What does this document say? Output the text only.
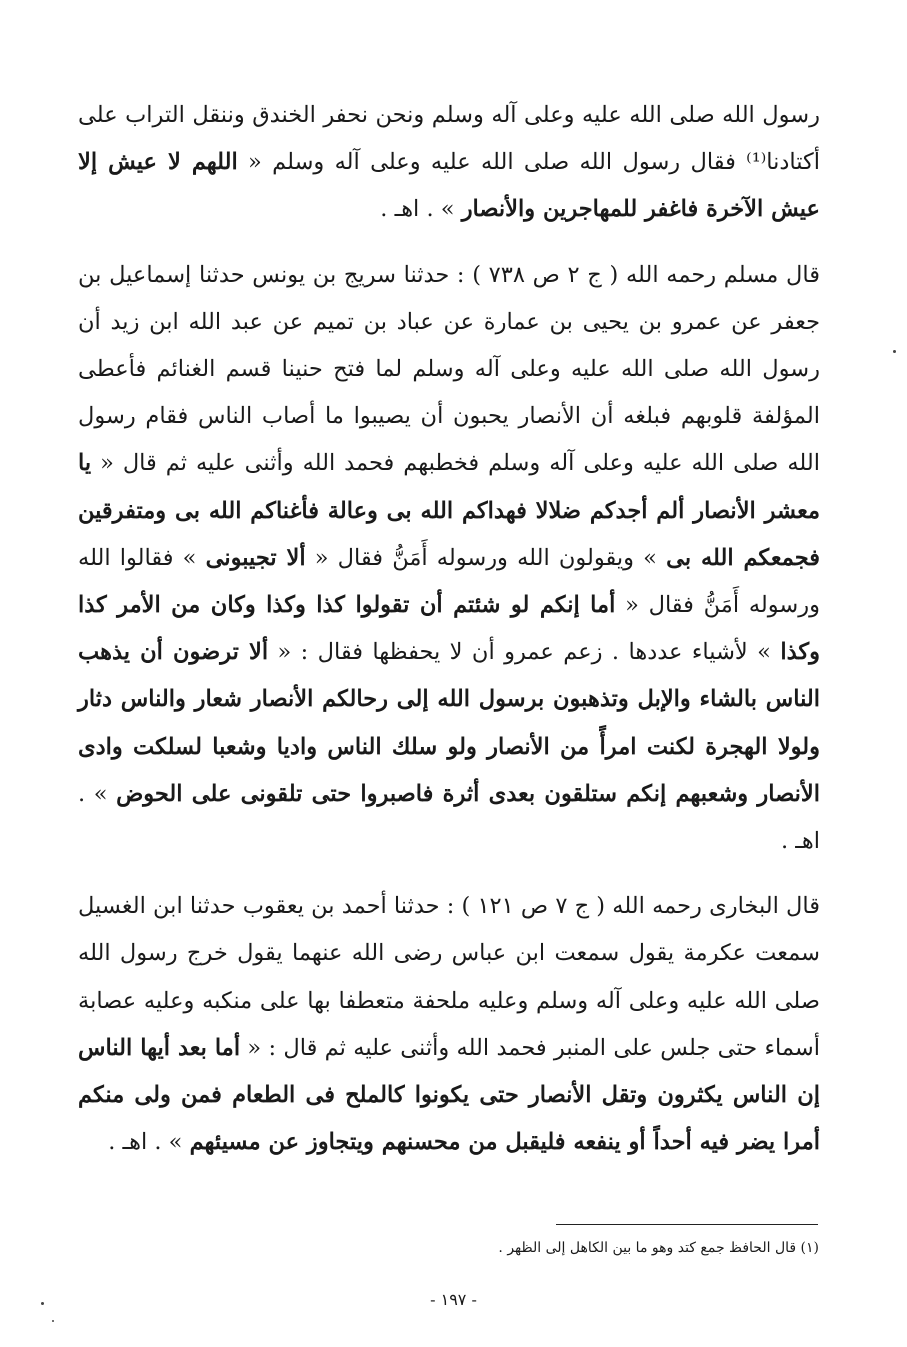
رسول الله صلى الله عليه وعلى آله وسلم ونحن نحفر الخندق وننقل التراب على أكتادنا⁽¹⁾ فقال رسول الله صلى الله عليه وعلى آله وسلم « اللهم لا عيش إلا عيش الآخرة فاغفر للمهاجرين والأنصار » . اهـ .

قال مسلم رحمه الله ( ج ٢ ص ٧٣٨ ) : حدثنا سريج بن يونس حدثنا إسماعيل بن جعفر عن عمرو بن يحيى بن عمارة عن عباد بن تميم عن عبد الله ابن زيد أن رسول الله صلى الله عليه وعلى آله وسلم لما فتح حنينا قسم الغنائم فأعطى المؤلفة قلوبهم فبلغه أن الأنصار يحبون أن يصيبوا ما أصاب الناس فقام رسول الله صلى الله عليه وعلى آله وسلم فخطبهم فحمد الله وأثنى عليه ثم قال « يا معشر الأنصار ألم أجدكم ضلالا فهداكم الله بى وعالة فأغناكم الله بى ومتفرقين فجمعكم الله بى » ويقولون الله ورسوله أَمَنُّ فقال « ألا تجيبونى » فقالوا الله ورسوله أَمَنُّ فقال « أما إنكم لو شئتم أن تقولوا كذا وكذا وكان من الأمر كذا وكذا » لأشياء عددها . زعم عمرو أن لا يحفظها فقال : « ألا ترضون أن يذهب الناس بالشاء والإبل وتذهبون برسول الله إلى رحالكم الأنصار شعار والناس دثار ولولا الهجرة لكنت امرأً من الأنصار ولو سلك الناس واديا وشعبا لسلكت وادى الأنصار وشعبهم إنكم ستلقون بعدى أثرة فاصبروا حتى تلقونى على الحوض » . اهـ .

قال البخارى رحمه الله ( ج ٧ ص ١٢١ ) : حدثنا أحمد بن يعقوب حدثنا ابن الغسيل سمعت عكرمة يقول سمعت ابن عباس رضى الله عنهما يقول خرج رسول الله صلى الله عليه وعلى آله وسلم وعليه ملحفة متعطفا بها على منكبه وعليه عصابة أسماء حتى جلس على المنبر فحمد الله وأثنى عليه ثم قال : « أما بعد أيها الناس إن الناس يكثرون وتقل الأنصار حتى يكونوا كالملح فى الطعام فمن ولى منكم أمرا يضر فيه أحداً أو ينفعه فليقبل من محسنهم ويتجاوز عن مسيئهم » . اهـ .

(١) قال الحافظ جمع كتد وهو ما بين الكاهل إلى الظهر .
- ١٩٧ -
